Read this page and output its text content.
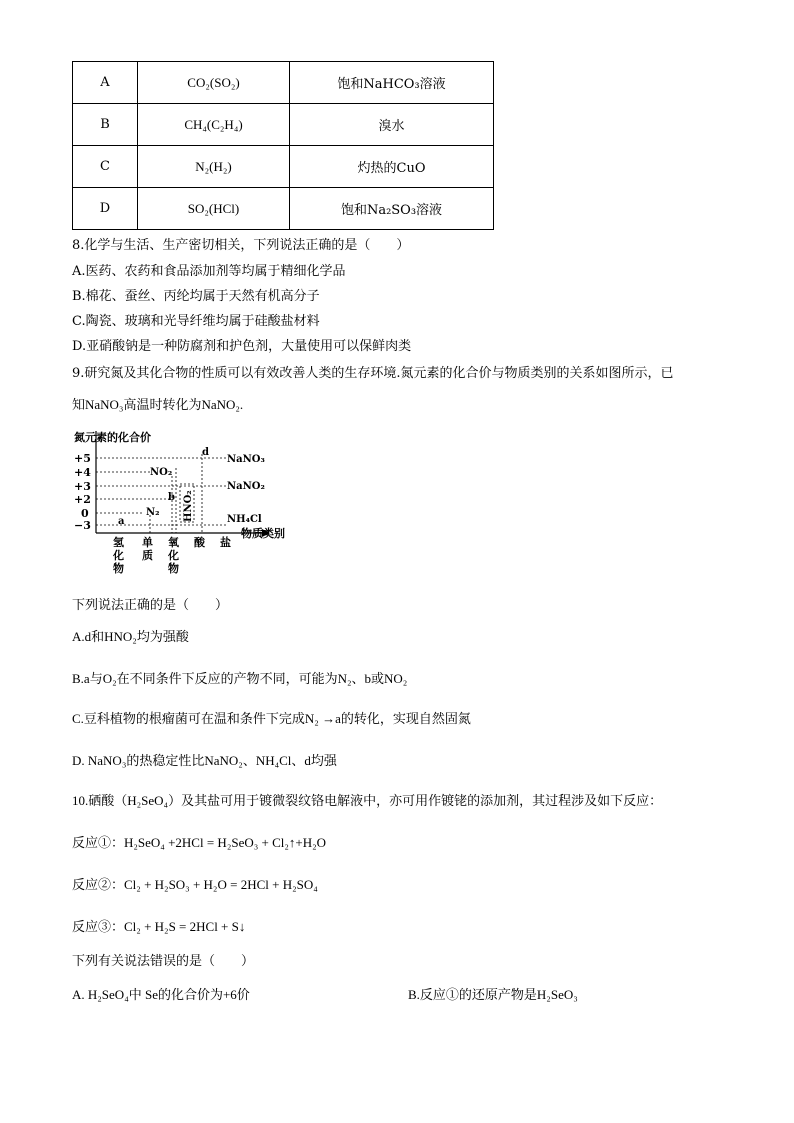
A	CO₂(SO₂)	饱和NaHCO₃溶液
B	CH₄(C₂H₄)	溴水
C	N₂(H₂)	灼热的CuO
D	SO₂(HCl)	饱和Na₂SO₃溶液
8.化学与生活、生产密切相关，下列说法正确的是（　　）
A.医药、农药和食品添加剂等均属于精细化学品
B.棉花、蚕丝、丙纶均属于天然有机高分子
C.陶瓷、玻璃和光导纤维均属于硅酸盐材料
D.亚硝酸钠是一种防腐剂和护色剂，大量使用可以保鲜肉类
9.研究氮及其化合物的性质可以有效改善人类的生存环境.氮元素的化合价与物质类别的关系如图所示，已
知NaNO₃高温时转化为NaNO₂.
氮元素的化合价
物质类别
+5
+4
+3
+2
0
−3	a
N₂
b
NO₂
HNO₂
d
NaNO₃
NaNO₂
NH₄Cl
氢化物
单质
氧化物
酸 盐
下列说法正确的是（　　）
A.d和HNO₂均为强酸
B.a与O₂在不同条件下反应的产物不同，可能为N₂、b或NO₂
C.豆科植物的根瘤菌可在温和条件下完成N₂ →a的转化，实现自然固氮
D. NaNO₃的热稳定性比NaNO₂、NH₄Cl、d均强
10.硒酸（H₂SeO₄）及其盐可用于镀微裂纹铬电解液中，亦可用作镀铑的添加剂，其过程涉及如下反应：
反应①：H₂SeO₄ +2HCl = H₂SeO₃ + Cl₂↑+H₂O
反应②：Cl₂ + H₂SO₃ + H₂O = 2HCl + H₂SO₄
反应③：Cl₂ + H₂S = 2HCl + S↓
下列有关说法错误的是（　　）
A. H₂SeO₄中 Se的化合价为+6价	B.反应①的还原产物是H₂SeO₃
